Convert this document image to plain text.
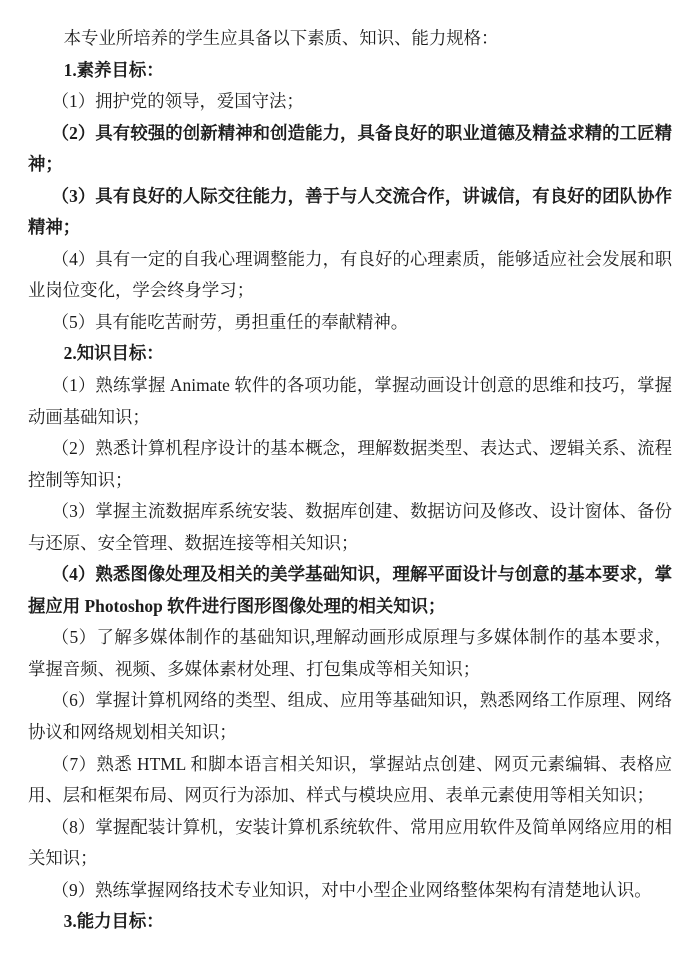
本专业所培养的学生应具备以下素质、知识、能力规格：

1.素养目标：

（1）拥护党的领导，爱国守法；

（2）具有较强的创新精神和创造能力，具备良好的职业道德及精益求精的工匠精神；

（3）具有良好的人际交往能力，善于与人交流合作，讲诚信，有良好的团队协作精神；

（4）具有一定的自我心理调整能力，有良好的心理素质，能够适应社会发展和职业岗位变化，学会终身学习；

（5）具有能吃苦耐劳，勇担重任的奉献精神。

2.知识目标：

（1）熟练掌握 Animate 软件的各项功能，掌握动画设计创意的思维和技巧，掌握动画基础知识；

（2）熟悉计算机程序设计的基本概念，理解数据类型、表达式、逻辑关系、流程控制等知识；

（3）掌握主流数据库系统安装、数据库创建、数据访问及修改、设计窗体、备份与还原、安全管理、数据连接等相关知识；

（4）熟悉图像处理及相关的美学基础知识，理解平面设计与创意的基本要求，掌握应用 Photoshop 软件进行图形图像处理的相关知识；

（5）了解多媒体制作的基础知识,理解动画形成原理与多媒体制作的基本要求，掌握音频、视频、多媒体素材处理、打包集成等相关知识；

（6）掌握计算机网络的类型、组成、应用等基础知识，熟悉网络工作原理、网络协议和网络规划相关知识；

（7）熟悉 HTML 和脚本语言相关知识，掌握站点创建、网页元素编辑、表格应用、层和框架布局、网页行为添加、样式与模块应用、表单元素使用等相关知识；

（8）掌握配装计算机，安装计算机系统软件、常用应用软件及简单网络应用的相关知识；

（9）熟练掌握网络技术专业知识，对中小型企业网络整体架构有清楚地认识。

3.能力目标：
